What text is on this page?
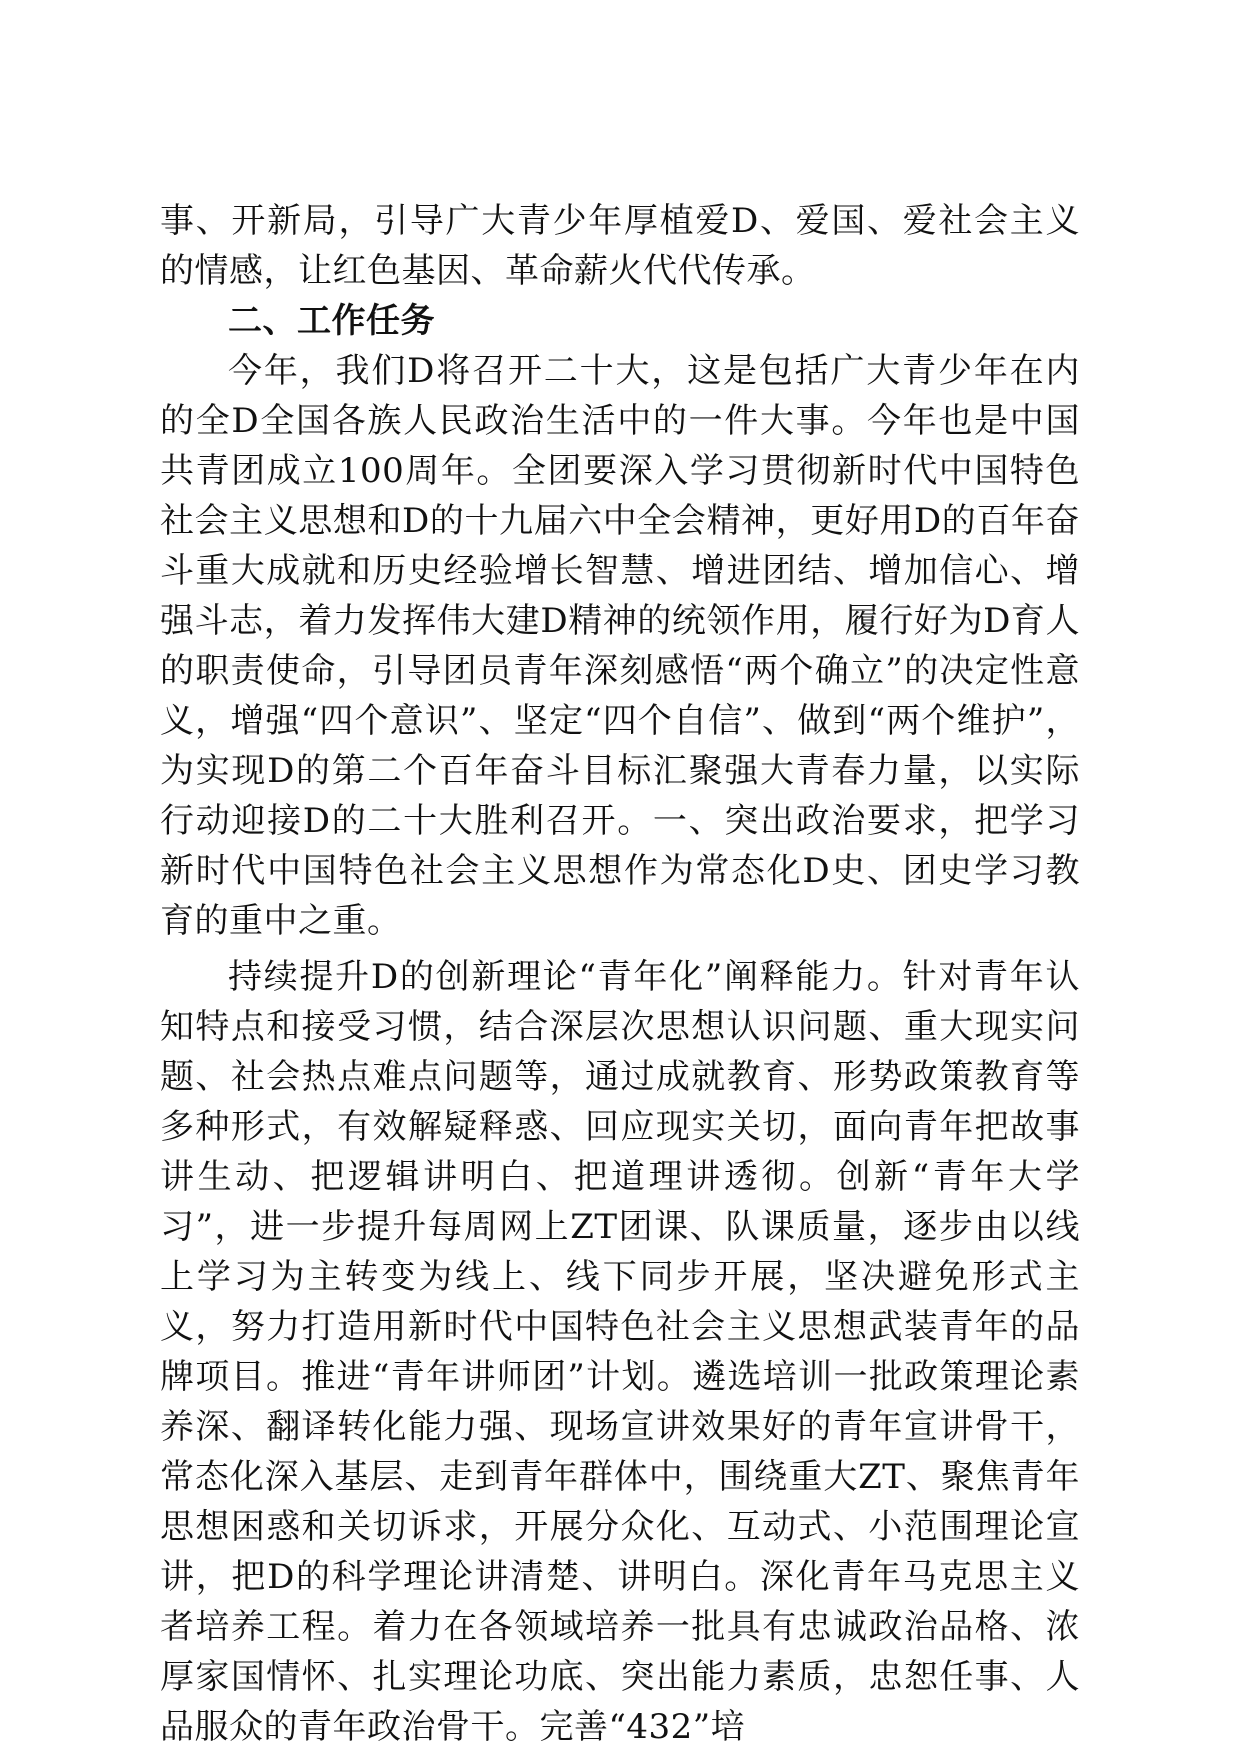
事、开新局，引导广大青少年厚植爱D、爱国、爱社会主义的情感，让红色基因、革命薪火代代传承。

二、工作任务

今年，我们D将召开二十大，这是包括广大青少年在内的全D全国各族人民政治生活中的一件大事。今年也是中国共青团成立100周年。全团要深入学习贯彻新时代中国特色社会主义思想和D的十九届六中全会精神，更好用D的百年奋斗重大成就和历史经验增长智慧、增进团结、增加信心、增强斗志，着力发挥伟大建D精神的统领作用，履行好为D育人的职责使命，引导团员青年深刻感悟“两个确立”的决定性意义，增强“四个意识”、坚定“四个自信”、做到“两个维护”，为实现D的第二个百年奋斗目标汇聚强大青春力量，以实际行动迎接D的二十大胜利召开。一、突出政治要求，把学习新时代中国特色社会主义思想作为常态化D史、团史学习教育的重中之重。

持续提升D的创新理论“青年化”阐释能力。针对青年认知特点和接受习惯，结合深层次思想认识问题、重大现实问题、社会热点难点问题等，通过成就教育、形势政策教育等多种形式，有效解疑释惑、回应现实关切，面向青年把故事讲生动、把逻辑讲明白、把道理讲透彻。创新“青年大学习”，进一步提升每周网上ZT团课、队课质量，逐步由以线上学习为主转变为线上、线下同步开展，坚决避免形式主义，努力打造用新时代中国特色社会主义思想武装青年的品牌项目。推进“青年讲师团”计划。遴选培训一批政策理论素养深、翻译转化能力强、现场宣讲效果好的青年宣讲骨干，常态化深入基层、走到青年群体中，围绕重大ZT、聚焦青年思想困惑和关切诉求，开展分众化、互动式、小范围理论宣讲，把D的科学理论讲清楚、讲明白。深化青年马克思主义者培养工程。着力在各领域培养一批具有忠诚政治品格、浓厚家国情怀、扎实理论功底、突出能力素质，忠恕任事、人品服众的青年政治骨干。完善“432”培
